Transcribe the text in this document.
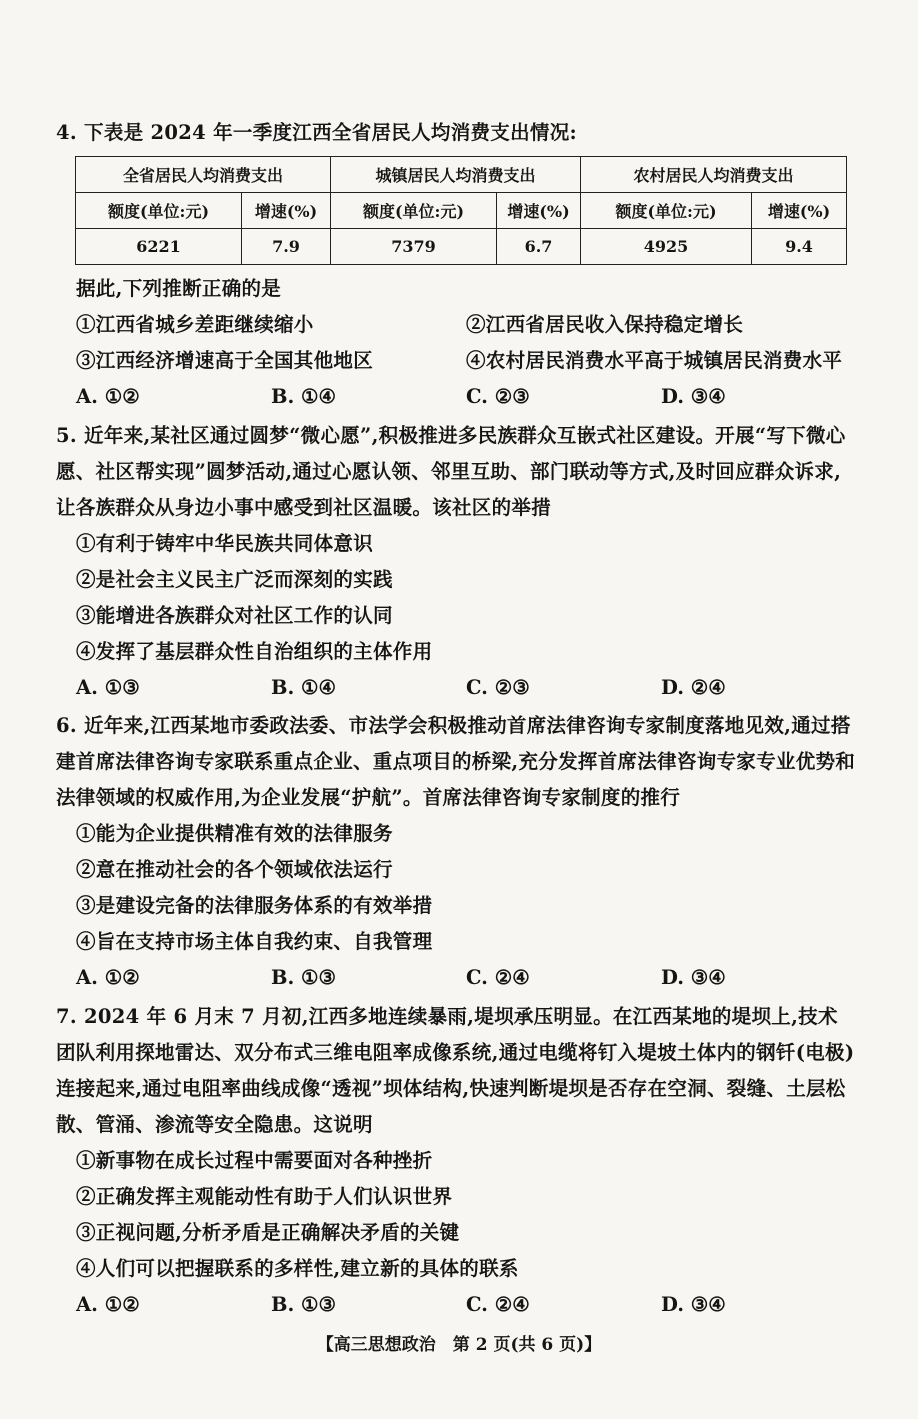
4. 下表是 2024 年一季度江西全省居民人均消费支出情况:

全省居民人均消费支出		城镇居民人均消费支出		农村居民人均消费支出	
额度(单位:元)	增速(%)	额度(单位:元)	增速(%)	额度(单位:元)	增速(%)
6221	7.9	7379	6.7	4925	9.4

据此,下列推断正确的是

①江西省城乡差距继续缩小	②江西省居民收入保持稳定增长

③江西经济增速高于全国其他地区	④农村居民消费水平高于城镇居民消费水平

A. ①②	B. ①④	C. ②③	D. ③④

5. 近年来,某社区通过圆梦“微心愿”,积极推进多民族群众互嵌式社区建设。开展“写下微心愿、社区帮实现”圆梦活动,通过心愿认领、邻里互助、部门联动等方式,及时回应群众诉求,让各族群众从身边小事中感受到社区温暖。该社区的举措

①有利于铸牢中华民族共同体意识

②是社会主义民主广泛而深刻的实践

③能增进各族群众对社区工作的认同

④发挥了基层群众性自治组织的主体作用

A. ①③	B. ①④	C. ②③	D. ②④

6. 近年来,江西某地市委政法委、市法学会积极推动首席法律咨询专家制度落地见效,通过搭建首席法律咨询专家联系重点企业、重点项目的桥梁,充分发挥首席法律咨询专家专业优势和法律领域的权威作用,为企业发展“护航”。首席法律咨询专家制度的推行

①能为企业提供精准有效的法律服务

②意在推动社会的各个领域依法运行

③是建设完备的法律服务体系的有效举措

④旨在支持市场主体自我约束、自我管理

A. ①②	B. ①③	C. ②④	D. ③④

7. 2024 年 6 月末 7 月初,江西多地连续暴雨,堤坝承压明显。在江西某地的堤坝上,技术团队利用探地雷达、双分布式三维电阻率成像系统,通过电缆将钉入堤坡土体内的钢钎(电极)连接起来,通过电阻率曲线成像“透视”坝体结构,快速判断堤坝是否存在空洞、裂缝、土层松散、管涌、渗流等安全隐患。这说明

①新事物在成长过程中需要面对各种挫折

②正确发挥主观能动性有助于人们认识世界

③正视问题,分析矛盾是正确解决矛盾的关键

④人们可以把握联系的多样性,建立新的具体的联系

A. ①②	B. ①③	C. ②④	D. ③④
【高三思想政治　第 2 页(共 6 页)】
